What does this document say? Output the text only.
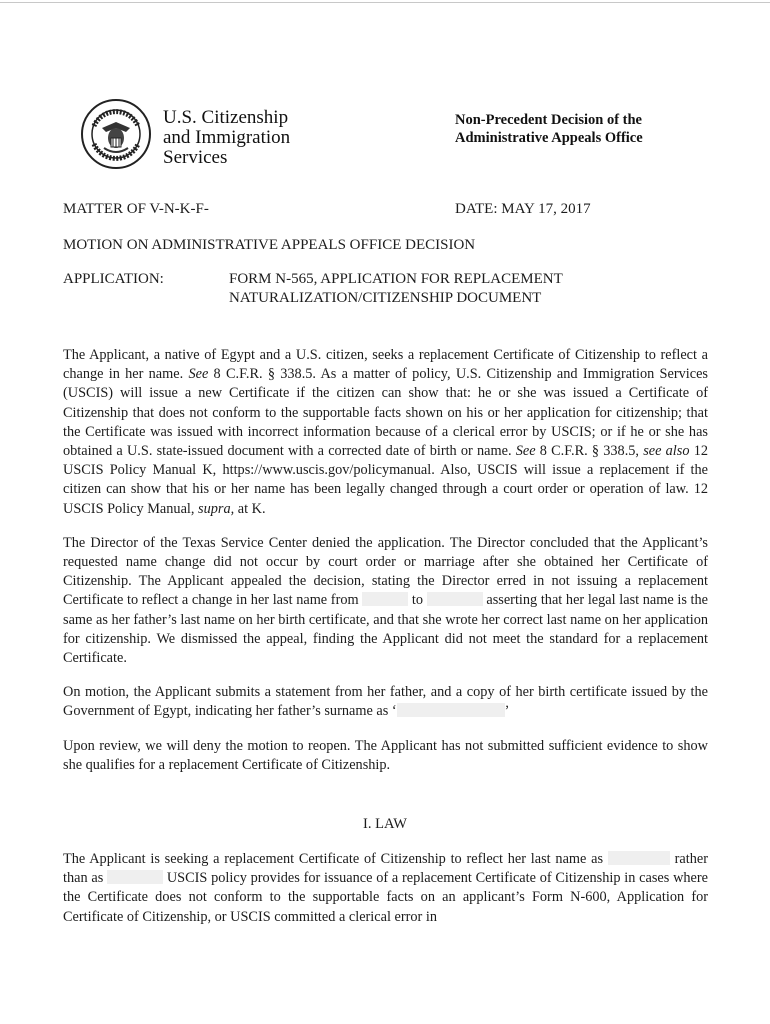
U.S. Citizenship
and Immigration
Services
Non-Precedent Decision of the
Administrative Appeals Office
MATTER OF V-N-K-F-	DATE: MAY 17, 2017
MOTION ON ADMINISTRATIVE APPEALS OFFICE DECISION
APPLICATION:	FORM N-565, APPLICATION FOR REPLACEMENT
NATURALIZATION/CITIZENSHIP DOCUMENT

The Applicant, a native of Egypt and a U.S. citizen, seeks a replacement Certificate of Citizenship to reflect a change in her name. See 8 C.F.R. § 338.5. As a matter of policy, U.S. Citizenship and Immigration Services (USCIS) will issue a new Certificate if the citizen can show that: he or she was issued a Certificate of Citizenship that does not conform to the supportable facts shown on his or her application for citizenship; that the Certificate was issued with incorrect information because of a clerical error by USCIS; or if he or she has obtained a U.S. state-issued document with a corrected date of birth or name. See 8 C.F.R. § 338.5, see also 12 USCIS Policy Manual K, https://www.uscis.gov/policymanual. Also, USCIS will issue a replacement if the citizen can show that his or her name has been legally changed through a court order or operation of law. 12 USCIS Policy Manual, supra, at K.

The Director of the Texas Service Center denied the application. The Director concluded that the Applicant’s requested name change did not occur by court order or marriage after she obtained her Certificate of Citizenship. The Applicant appealed the decision, stating the Director erred in not issuing a replacement Certificate to reflect a change in her last name from	to	asserting that her legal last name is the same as her father’s last name on her birth certificate, and that she wrote her correct last name on her application for citizenship. We dismissed the appeal, finding the Applicant did not meet the standard for a replacement Certificate.

On motion, the Applicant submits a statement from her father, and a copy of her birth certificate issued by the Government of Egypt, indicating her father’s surname as ‘	’

Upon review, we will deny the motion to reopen. The Applicant has not submitted sufficient evidence to show she qualifies for a replacement Certificate of Citizenship.

I. LAW

The Applicant is seeking a replacement Certificate of Citizenship to reflect her last name as	rather than as	USCIS policy provides for issuance of a replacement Certificate of Citizenship in cases where the Certificate does not conform to the supportable facts on an applicant’s Form N-600, Application for Certificate of Citizenship, or USCIS committed a clerical error in
